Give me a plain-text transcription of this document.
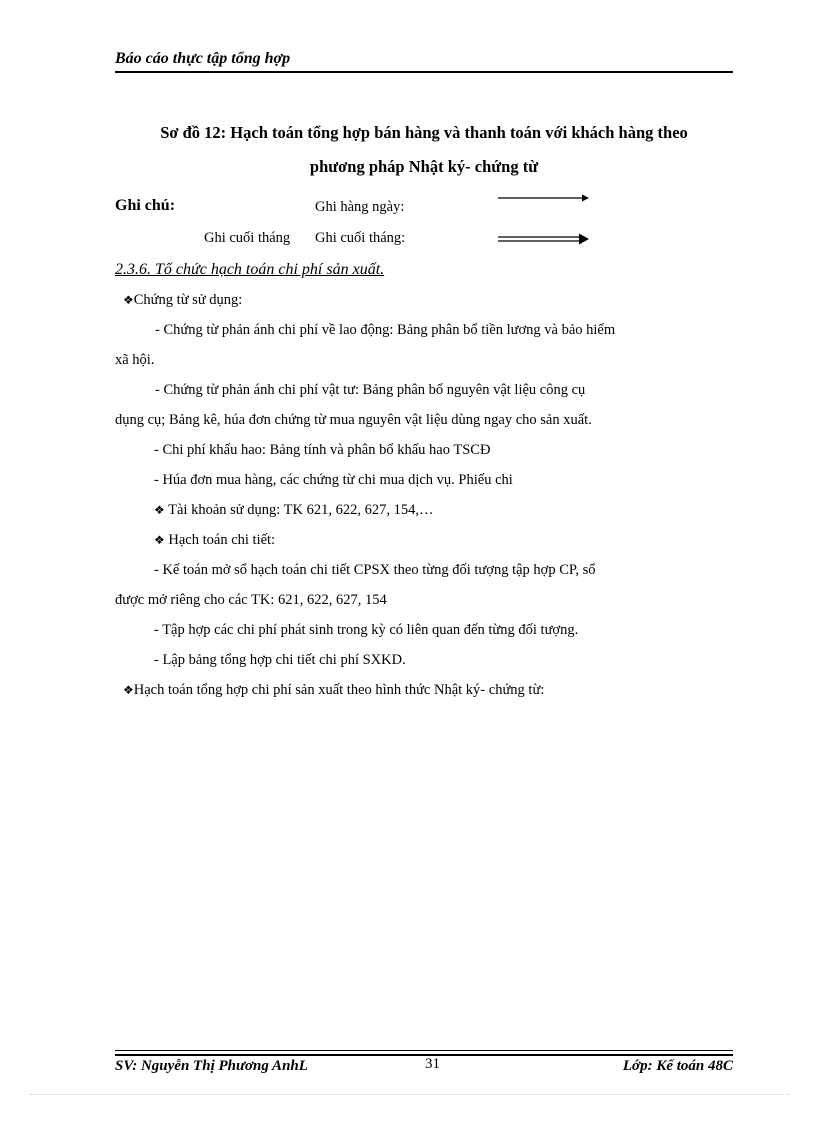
Báo cáo thực tập tổng hợp
Sơ đồ 12: Hạch toán tổng hợp bán hàng và thanh toán với khách hàng theo
phương pháp Nhật ký- chứng từ
Ghi chú:	Ghi hàng ngày:
Ghi cuối tháng Ghi cuối tháng:
2.3.6. Tổ chức hạch toán chi phí sản xuất.
❖Chứng từ sử dụng:
- Chứng từ phản ánh chi phí về lao động: Bảng phân bổ tiền lương và bảo hiểm
xã hội.
- Chứng từ phản ánh chi phí vật tư: Bảng phân bổ nguyên vật liệu công cụ
dụng cụ; Bảng kê, húa đơn chứng từ mua nguyên vật liệu dùng ngay cho sản xuất.
- Chi phí khấu hao: Bảng tính và phân bổ khấu hao TSCĐ
- Húa đơn mua hàng, các chứng từ chi mua dịch vụ. Phiếu chi
❖ Tài khoản sử dụng: TK 621, 622, 627, 154,…
❖ Hạch toán chi tiết:
- Kế toán mở sổ hạch toán chi tiết CPSX theo từng đối tượng tập hợp CP, sổ
được mở riêng cho các TK: 621, 622, 627, 154
- Tập hợp các chi phí phát sinh trong kỳ có liên quan đến từng đối tượng.
- Lập bảng tổng hợp chi tiết chi phí SXKD.
❖Hạch toán tổng hợp chi phí sản xuất theo hình thức Nhật ký- chứng từ:
SV: Nguyễn Thị Phương AnhL	31	Lớp: Kế toán 48C
